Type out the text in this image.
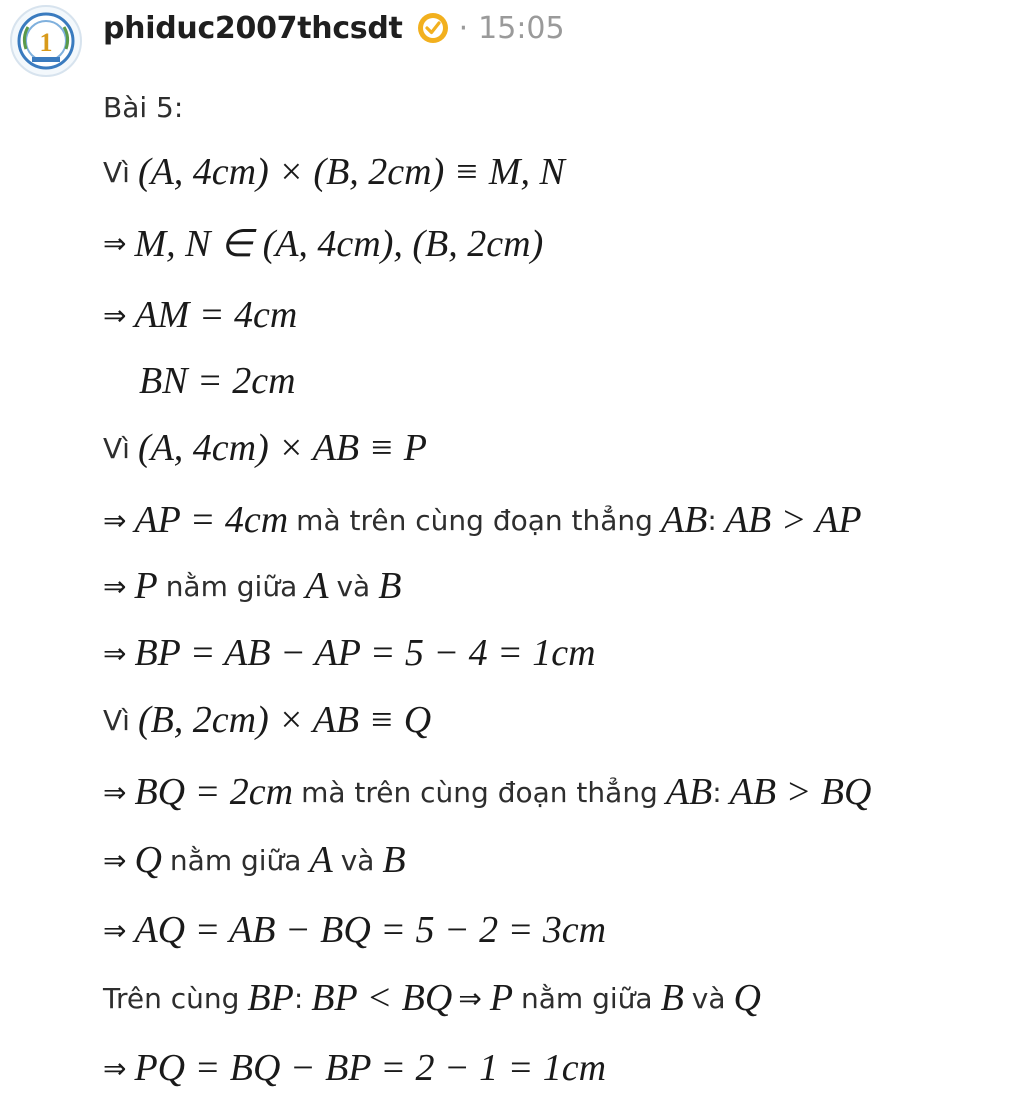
1 phiduc2007thcsdt · 15:05
Bài 5:
Vì (A, 4cm) × (B, 2cm) ≡ M, N
⇒ M, N ∈ (A, 4cm), (B, 2cm)
⇒ AM = 4cm
BN = 2cm
Vì (A, 4cm) × AB ≡ P
⇒ AP = 4cm mà trên cùng đoạn thẳng AB : AB > AP
⇒ P nằm giữa A và B
⇒ BP = AB − AP = 5 − 4 = 1cm
Vì (B, 2cm) × AB ≡ Q
⇒ BQ = 2cm mà trên cùng đoạn thẳng AB : AB > BQ
⇒ Q nằm giữa A và B
⇒ AQ = AB − BQ = 5 − 2 = 3cm
Trên cùng BP : BP < BQ ⇒ P nằm giữa B và Q
⇒ PQ = BQ − BP = 2 − 1 = 1cm
